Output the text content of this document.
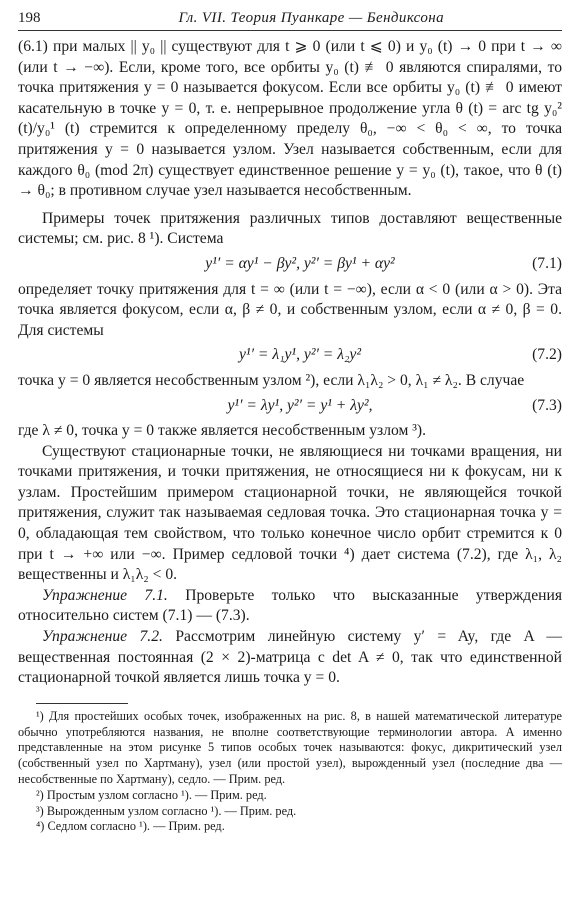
198	Гл. VII. Теория Пуанкаре — Бендиксона

(6.1) при малых || y₀ || существуют для t ⩾ 0 (или t ⩽ 0) и y₀ (t) → 0 при t → ∞ (или t → −∞). Если, кроме того, все орбиты y₀ (t) ≢ 0 являются спиралями, то точка притяжения y = 0 называется фокусом. Если все орбиты y₀ (t) ≢ 0 имеют касательную в точке y = 0, т. е. непрерывное продолжение угла θ (t) = arc tg y₀² (t)/y₀¹ (t) стремится к определенному пределу θ₀, −∞ < θ₀ < ∞, то точка притяжения y = 0 называется узлом. Узел называется собственным, если для каждого θ₀ (mod 2π) существует единственное решение y = y₀ (t), такое, что θ (t) → θ₀; в противном случае узел называется несобственным.

Примеры точек притяжения различных типов доставляют вещественные системы; см. рис. 8 ¹). Система

y¹′ = αy¹ − βy², y²′ = βy¹ + αy²	(7.1)

определяет точку притяжения для t = ∞ (или t = −∞), если α < 0 (или α > 0). Эта точка является фокусом, если α, β ≠ 0, и собственным узлом, если α ≠ 0, β = 0. Для системы

y¹′ = λ₁y¹, y²′ = λ₂y²	(7.2)

точка y = 0 является несобственным узлом ²), если λ₁λ₂ > 0, λ₁ ≠ λ₂. В случае

y¹′ = λy¹, y²′ = y¹ + λy²,	(7.3)

где λ ≠ 0, точка y = 0 также является несобственным узлом ³).

Существуют стационарные точки, не являющиеся ни точками вращения, ни точками притяжения, и точки притяжения, не относящиеся ни к фокусам, ни к узлам. Простейшим примером стационарной точки, не являющейся точкой притяжения, служит так называемая седловая точка. Это стационарная точка y = 0, обладающая тем свойством, что только конечное число орбит стремится к 0 при t → +∞ или −∞. Пример седловой точки ⁴) дает система (7.2), где λ₁, λ₂ вещественны и λ₁λ₂ < 0.

Упражнение 7.1. Проверьте только что высказанные утверждения относительно систем (7.1) — (7.3).

Упражнение 7.2. Рассмотрим линейную систему y′ = Ay, где A — вещественная постоянная (2 × 2)-матрица с det A ≠ 0, так что единственной стационарной точкой является лишь точка y = 0.

¹) Для простейших особых точек, изображенных на рис. 8, в нашей математической литературе обычно употребляются названия, не вполне соответствующие терминологии автора. А именно представленные на этом рисунке 5 типов особых точек называются: фокус, дикритический узел (собственный узел по Хартману), узел (или простой узел), вырожденный узел (последние два — несобственные по Хартману), седло. — Прим. ред.

²) Простым узлом согласно ¹). — Прим. ред.

³) Вырожденным узлом согласно ¹). — Прим. ред.

⁴) Седлом согласно ¹). — Прим. ред.
